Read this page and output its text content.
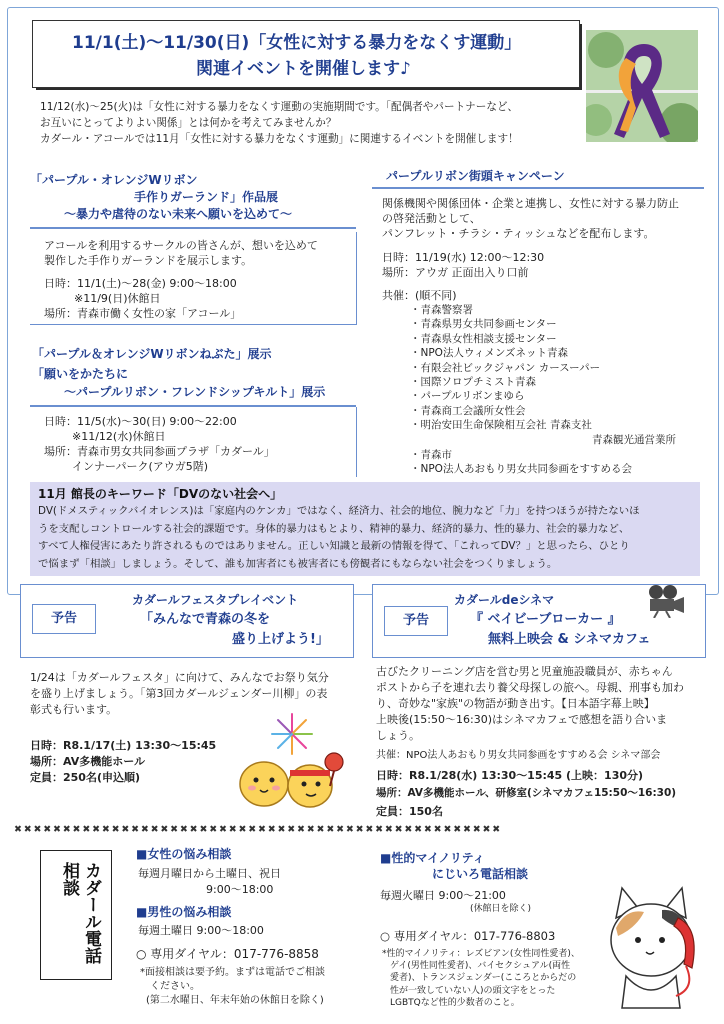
11/1(土)〜11/30(日)「女性に対する暴力をなくす運動」
関連イベントを開催します♪
11/12(水)〜25(火)は「女性に対する暴力をなくす運動の実施期間です。「配偶者やパートナーなど、
お互いにとってよりよい関係」とは何かを考えてみませんか？
カダール・アコールでは11月「女性に対する暴力をなくす運動」に関連するイベントを開催します！
「パープル・オレンジWリボン
手作りガーランド」作品展
〜暴力や虐待のない未来へ願いを込めて〜
アコールを利用するサークルの皆さんが、想いを込めて
製作した手作りガーランドを展示します。
日時：11/1(土)〜28(金) 9:00〜18:00
※11/9(日)休館日
場所：青森市働く女性の家「アコール」
「パープル＆オレンジWリボンねぶた」展示
「願いをかたちに
〜パープルリボン・フレンドシップキルト」展示
日時：11/5(水)〜30(日) 9:00〜22:00
※11/12(水)休館日
場所：青森市男女共同参画プラザ「カダール」
インナーパーク(アウガ5階)
パープルリボン街頭キャンペーン
関係機関や関係団体・企業と連携し、女性に対する暴力防止
の啓発活動として、
パンフレット・チラシ・ティッシュなどを配布します。
日時：11/19(水) 12:00〜12:30
場所：アウガ 正面出入り口前
共催：(順不同)
・青森警察署
・青森県男女共同参画センター
・青森県女性相談支援センター
・NPO法人ウィメンズネット青森
・有限会社ビックジャパン カースーパー
・国際ソロプチミスト青森
・パープルリボンまゆら
・青森商工会議所女性会
・明治安田生命保険相互会社 青森支社
青森観光通営業所
・青森市
・NPO法人あおもり男女共同参画をすすめる会
11月 館長のキーワード「DVのない社会へ」
DV(ドメスティックバイオレンス)は「家庭内のケンカ」ではなく、経済力、社会的地位、腕力など「力」を持つほうが持たないほ
うを支配しコントロールする社会的課題です。身体的暴力はもとより、精神的暴力、経済的暴力、性的暴力、社会的暴力など、
すべて人権侵害にあたり許されるものではありません。正しい知識と最新の情報を得て、「これってDV？」と思ったら、ひとり
で悩まず「相談」しましょう。そして、誰も加害者にも被害者にも傍観者にもならない社会をつくりましょう。
予告
カダールフェスタプレイベント
「みんなで青森の冬を
盛り上げよう!」
1/24は「カダールフェスタ」に向けて、みんなでお祭り気分
を盛り上げましょう。「第3回カダールジェンダー川柳」の表
彰式も行います。
日時：R8.1/17(土) 13:30〜15:45
場所：AV多機能ホール
定員：250名(申込順)
予告
カダールdeシネマ
『 ベイビーブローカー 』
無料上映会 & シネマカフェ
古びたクリーニング店を営む男と児童施設職員が、赤ちゃん
ポストから子を連れ去り養父母探しの旅へ。母親、刑事も加わ
り、奇妙な"家族"の物語が動き出す。【日本語字幕上映】
上映後(15:50〜16:30)はシネマカフェで感想を語り合いま
しょう。
共催：NPO法人あおもり男女共同参画をすすめる会 シネマ部会
日時：R8.1/28(水) 13:30〜15:45 (上映：130分)
場所：AV多機能ホール、研修室(シネマカフェ15:50〜16:30)
定員：150名
✖✖✖✖✖✖✖✖✖✖✖✖✖✖✖✖✖✖✖✖✖✖✖✖✖✖✖✖✖✖✖✖✖✖✖✖✖✖✖✖✖✖✖✖✖✖✖✖✖✖
カダール電話相談
■女性の悩み相談
毎週月曜日から土曜日、祝日
9:00〜18:00
■男性の悩み相談
毎週土曜日 9:00〜18:00
○ 専用ダイヤル：017-776-8858
*面接相談は要予約。まずは電話でご相談
ください。
(第二水曜日、年末年始の休館日を除く)
■性的マイノリティ
にじいろ電話相談
毎週火曜日 9:00〜21:00
(休館日を除く)
○ 専用ダイヤル：017-776-8803
*性的マイノリティ：レズビアン(女性同性愛者)、
ゲイ(男性同性愛者)、バイセクシュアル(両性
愛者)、トランスジェンダー(こころとからだの
性が一致していない人)の頭文字をとった
LGBTQなど性的少数者のこと。
